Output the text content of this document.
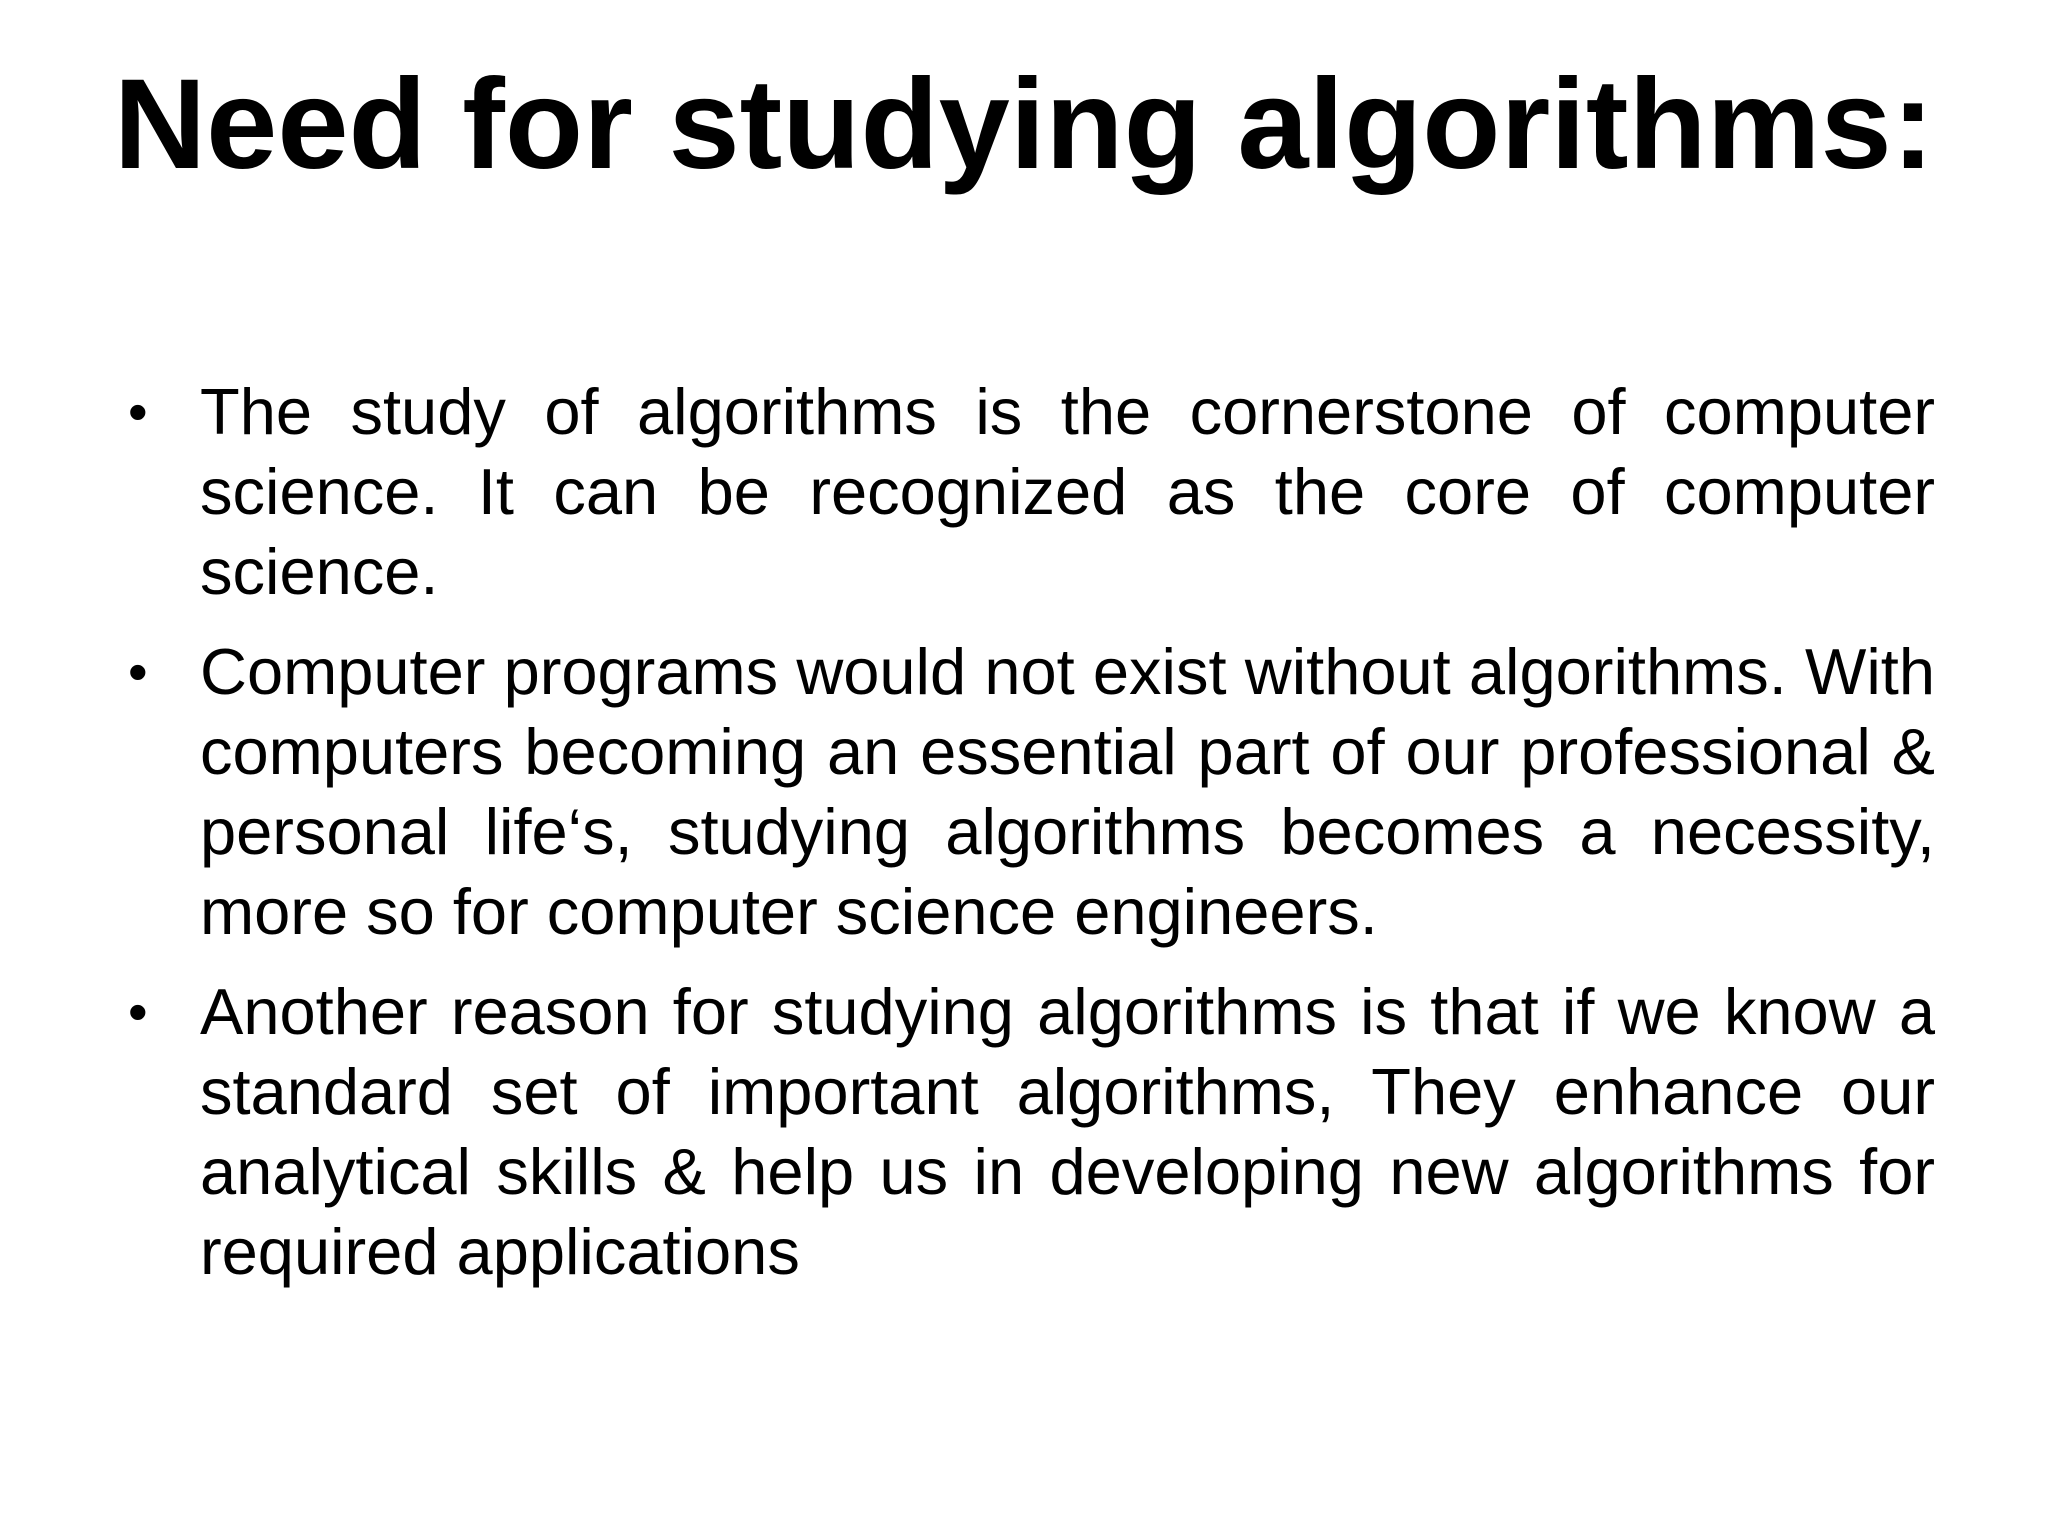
Need for studying algorithms:
• The study of algorithms is the cornerstone of computer science. It can be recognized as the core of computer science.
• Computer programs would not exist without algorithms. With computers becoming an essential part of our professional & personal life‘s, studying algorithms becomes a necessity, more so for computer science engineers.
• Another reason for studying algorithms is that if we know a standard set of important algorithms, They enhance our analytical skills & help us in developing new algorithms for required applications
